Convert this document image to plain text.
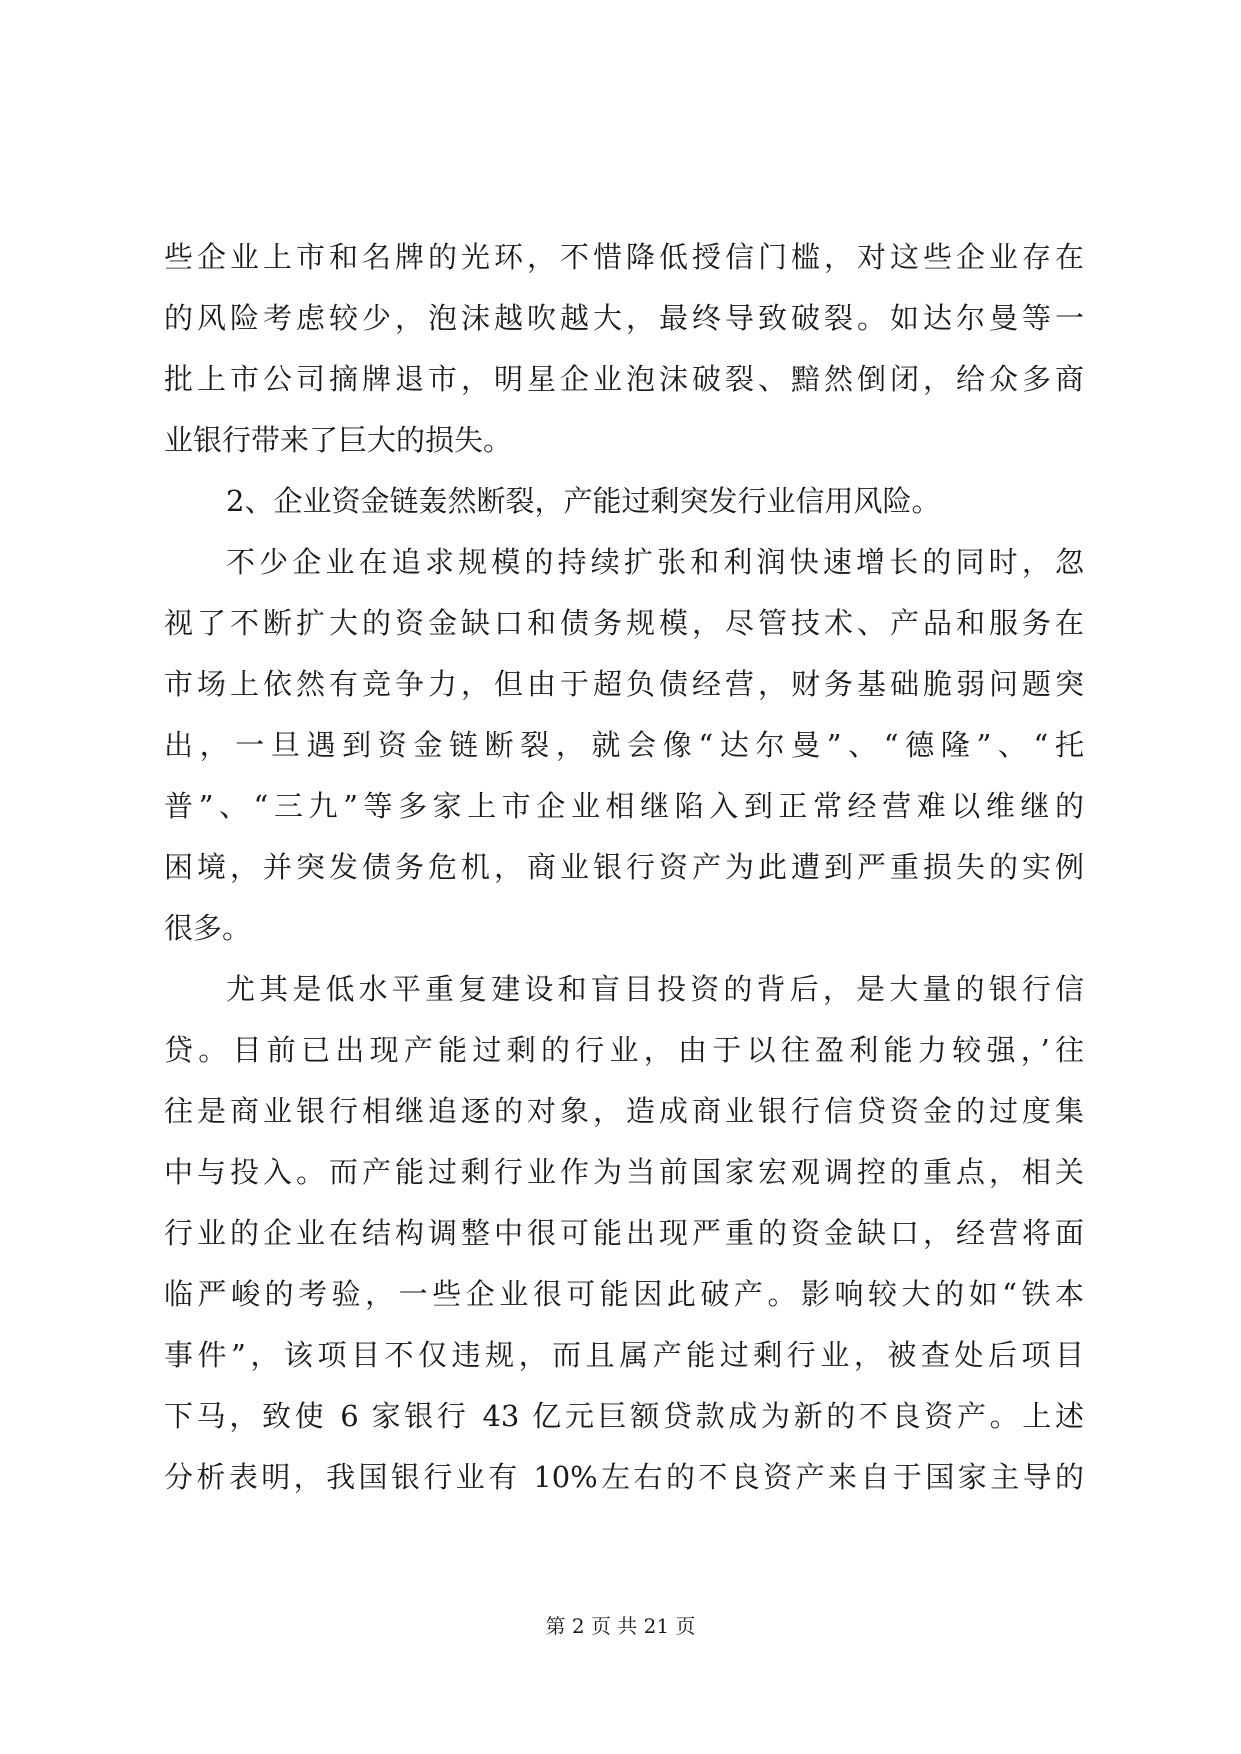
些企业上市和名牌的光环，不惜降低授信门槛，对这些企业存在
的风险考虑较少，泡沫越吹越大，最终导致破裂。如达尔曼等一
批上市公司摘牌退市，明星企业泡沫破裂、黯然倒闭，给众多商
业银行带来了巨大的损失。
2、企业资金链轰然断裂，产能过剩突发行业信用风险。
不少企业在追求规模的持续扩张和利润快速增长的同时，忽
视了不断扩大的资金缺口和债务规模，尽管技术、产品和服务在
市场上依然有竞争力，但由于超负债经营，财务基础脆弱问题突
出，一旦遇到资金链断裂，就会像“达尔曼”、“德隆”、“托
普”、“三九”等多家上市企业相继陷入到正常经营难以维继的
困境，并突发债务危机，商业银行资产为此遭到严重损失的实例
很多。
尤其是低水平重复建设和盲目投资的背后，是大量的银行信
贷。目前已出现产能过剩的行业，由于以往盈利能力较强，’往
往是商业银行相继追逐的对象，造成商业银行信贷资金的过度集
中与投入。而产能过剩行业作为当前国家宏观调控的重点，相关
行业的企业在结构调整中很可能出现严重的资金缺口，经营将面
临严峻的考验，一些企业很可能因此破产。影响较大的如“铁本
事件”，该项目不仅违规，而且属产能过剩行业，被查处后项目
下马，致使 6 家银行 43 亿元巨额贷款成为新的不良资产。上述
分析表明，我国银行业有 10%左右的不良资产来自于国家主导的
第 2 页 共 21 页
